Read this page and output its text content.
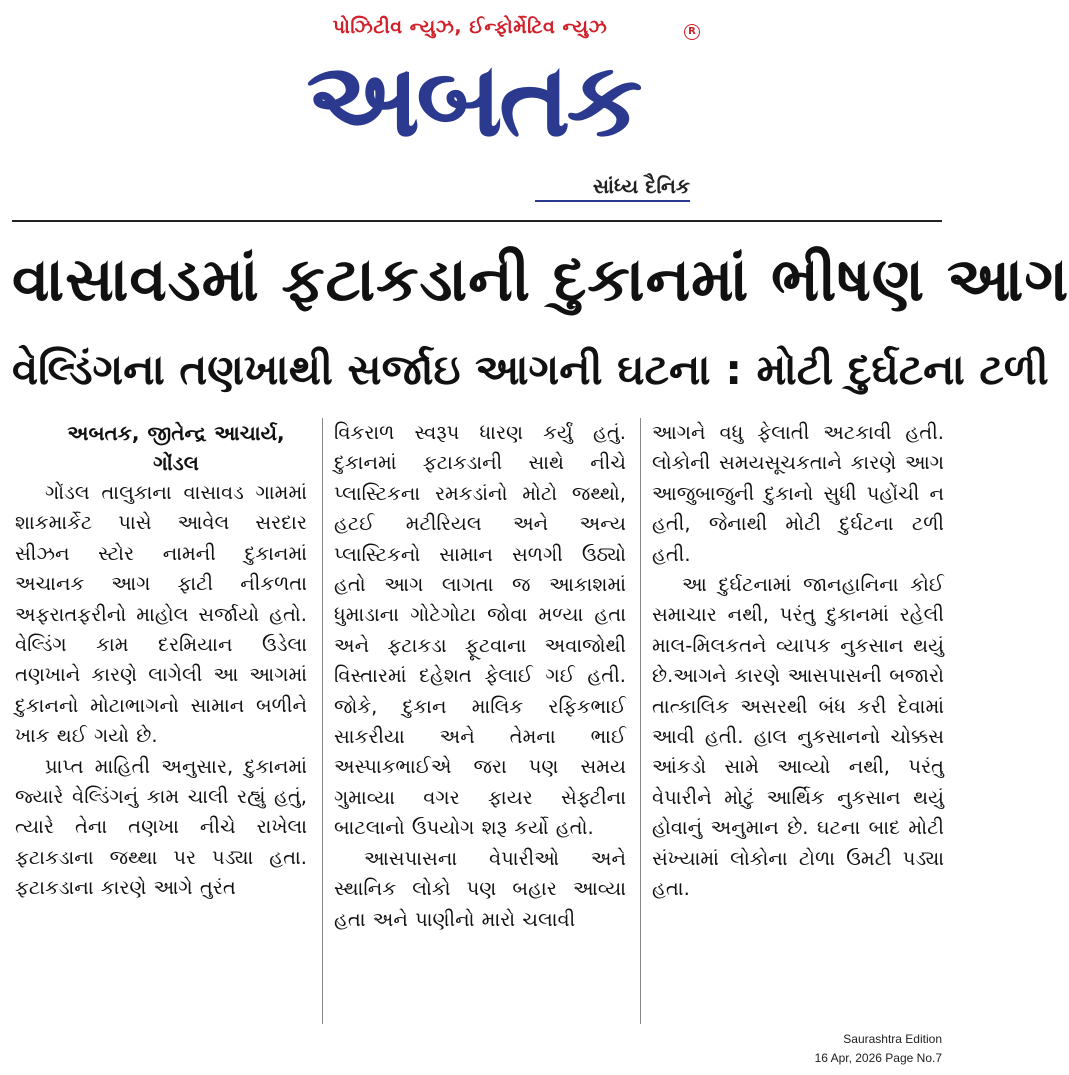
પોઝિટીવ ન્યુઝ, ઈન્ફોર્મેટિવ ન્યુઝ
અબતક
R
સાંધ્ય દૈનિક
વાસાવડમાં ફટાકડાની દુકાનમાં ભીષણ આગ
વેલ્ડિંગના તણખાથી સર્જાઇ આગની ઘટના : મોટી દુર્ઘટના ટળી

અબતક, જીતેન્દ્ર આચાર્ય,

ગોંડલ

ગોંડલ તાલુકાના વાસાવડ ગામમાં શાકમાર્કેટ પાસે આવેલ સરદાર સીઝન સ્ટોર નામની દુકાનમાં અચાનક આગ ફાટી નીકળતા અફરાતફરીનો માહોલ સર્જાયો હતો. વેલ્ડિંગ કામ દરમિયાન ઉડેલા તણખાને કારણે લાગેલી આ આગમાં દુકાનનો મોટાભાગનો સામાન બળીને ખાક થઈ ગયો છે.

પ્રાપ્ત માહિતી અનુસાર, દુકાનમાં જ્યારે વેલ્ડિંગનું કામ ચાલી રહ્યું હતું, ત્યારે તેના તણખા નીચે રાખેલા ફટાકડાના જથ્થા પર પડ્યા હતા. ફટાકડાના કારણે આગે તુરંત

વિકરાળ સ્વરૂપ ધારણ કર્યું હતું. દુકાનમાં ફટાકડાની સાથે નીચે પ્લાસ્ટિકના રમકડાંનો મોટો જથ્થો, હટઈ મટીરિયલ અને અન્ય પ્લાસ્ટિકનો સામાન સળગી ઉઠ્યો હતો આગ લાગતા જ આકાશમાં ધુમાડાના ગોટેગોટા જોવા મળ્યા હતા અને ફટાકડા ફૂટવાના અવાજોથી વિસ્તારમાં દહેશત ફેલાઈ ગઈ હતી. જોકે, દુકાન માલિક રફિકભાઈ સાકરીયા અને તેમના ભાઈ અસ્પાકભાઈએ જરા પણ સમય ગુમાવ્યા વગર ફાયર સેફ્ટીના બાટલાનો ઉપયોગ શરૂ કર્યો હતો.

આસપાસના વેપારીઓ અને સ્થાનિક લોકો પણ બહાર આવ્યા હતા અને પાણીનો મારો ચલાવી

આગને વધુ ફેલાતી અટકાવી હતી. લોકોની સમયસૂચકતાને કારણે આગ આજુબાજુની દુકાનો સુધી પહોંચી ન હતી, જેનાથી મોટી દુર્ઘટના ટળી હતી.

આ દુર્ઘટનામાં જાનહાનિના કોઈ સમાચાર નથી, પરંતુ દુકાનમાં રહેલી માલ-મિલકતને વ્યાપક નુકસાન થયું છે.આગને કારણે આસપાસની બજારો તાત્કાલિક અસરથી બંધ કરી દેવામાં આવી હતી. હાલ નુકસાનનો ચોક્કસ આંકડો સામે આવ્યો નથી, પરંતુ વેપારીને મોટું આર્થિક નુકસાન થયું હોવાનું અનુમાન છે. ઘટના બાદ મોટી સંખ્યામાં લોકોના ટોળા ઉમટી પડ્યા હતા.

Saurashtra Edition
16 Apr, 2026 Page No.7
